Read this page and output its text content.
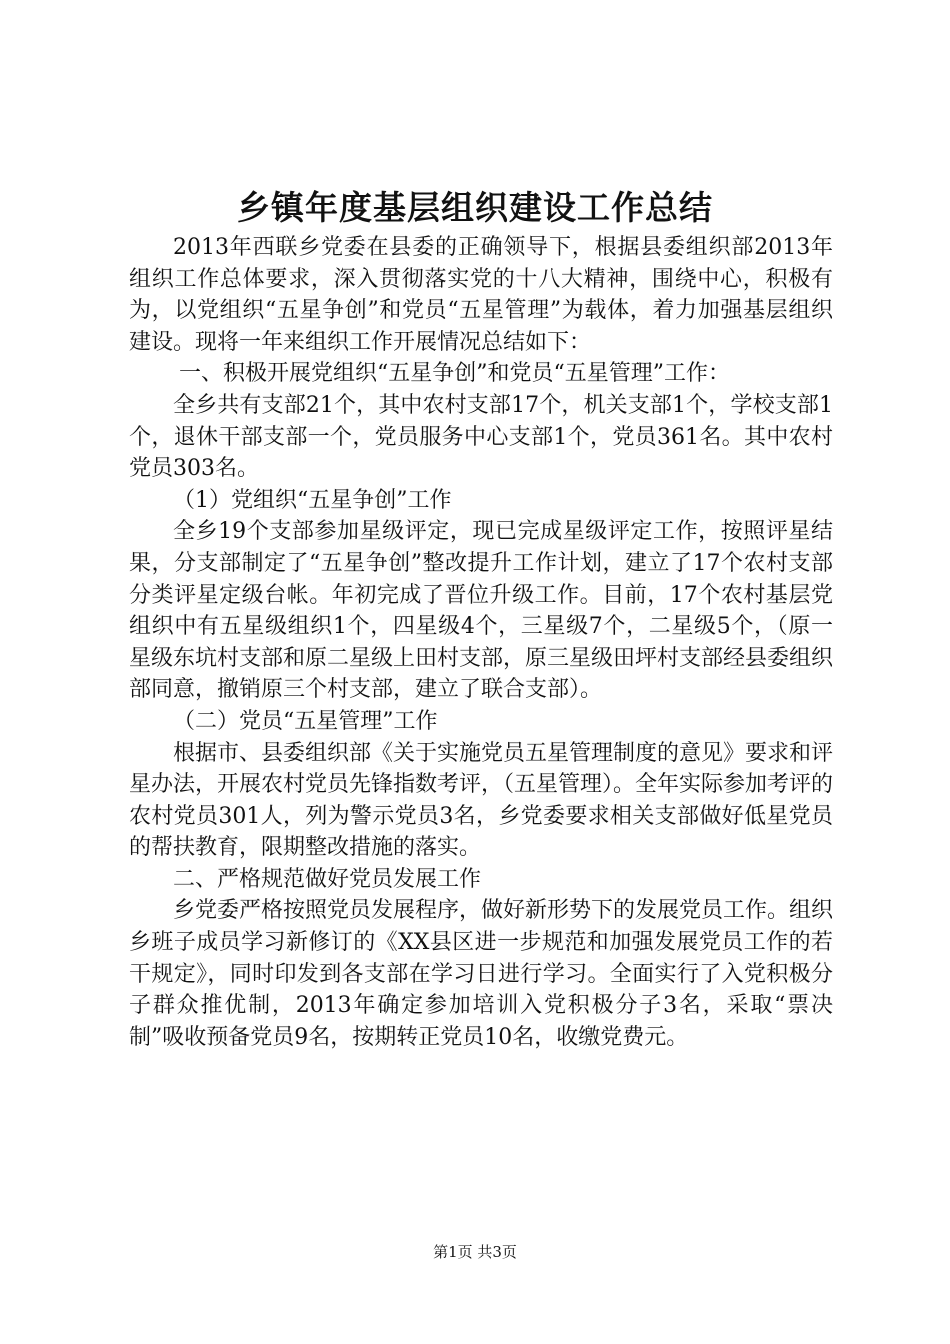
乡镇年度基层组织建设工作总结

2013年西联乡党委在县委的正确领导下，根据县委组织部2013年组织工作总体要求，深入贯彻落实党的十八大精神，围绕中心，积极有为，以党组织“五星争创”和党员“五星管理”为载体，着力加强基层组织建设。现将一年来组织工作开展情况总结如下：

一、积极开展党组织“五星争创”和党员“五星管理”工作：

全乡共有支部21个，其中农村支部17个，机关支部1个，学校支部1个，退休干部支部一个，党员服务中心支部1个，党员361名。其中农村党员303名。

（1）党组织“五星争创”工作

全乡19个支部参加星级评定，现已完成星级评定工作，按照评星结果，分支部制定了“五星争创”整改提升工作计划，建立了17个农村支部分类评星定级台帐。年初完成了晋位升级工作。目前，17个农村基层党组织中有五星级组织1个，四星级4个，三星级7个，二星级5个，（原一星级东坑村支部和原二星级上田村支部，原三星级田坪村支部经县委组织部同意，撤销原三个村支部，建立了联合支部）。

（二）党员“五星管理”工作

根据市、县委组织部《关于实施党员五星管理制度的意见》要求和评星办法，开展农村党员先锋指数考评，（五星管理）。全年实际参加考评的农村党员301人，列为警示党员3名，乡党委要求相关支部做好低星党员的帮扶教育，限期整改措施的落实。

二、严格规范做好党员发展工作

乡党委严格按照党员发展程序，做好新形势下的发展党员工作。组织乡班子成员学习新修订的《XX县区进一步规范和加强发展党员工作的若干规定》，同时印发到各支部在学习日进行学习。全面实行了入党积极分子群众推优制，2013年确定参加培训入党积极分子3名，采取“票决制”吸收预备党员9名，按期转正党员10名，收缴党费元。

第1页 共3页
